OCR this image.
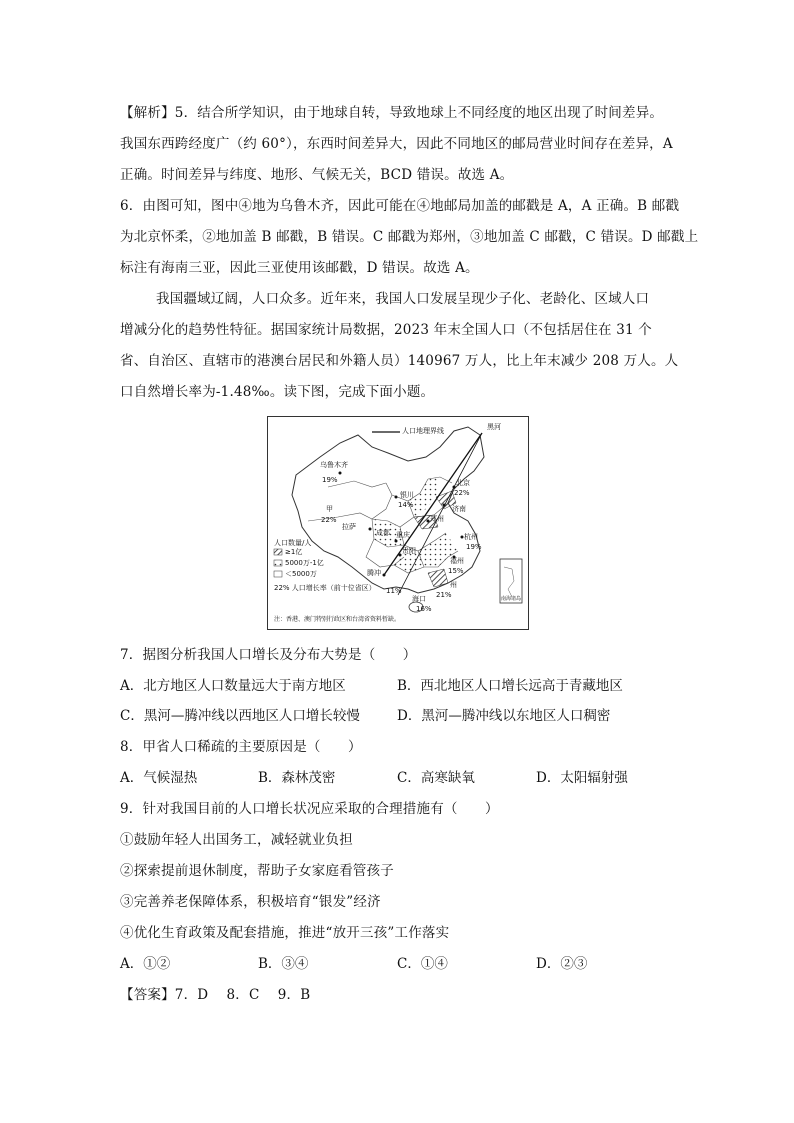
【解析】5．结合所学知识，由于地球自转，导致地球上不同经度的地区出现了时间差异。
我国东西跨经度广（约 60°），东西时间差异大，因此不同地区的邮局营业时间存在差异，A
正确。时间差异与纬度、地形、气候无关，BCD 错误。故选 A。
6．由图可知，图中④地为乌鲁木齐，因此可能在④地邮局加盖的邮戳是 A，A 正确。B 邮戳
为北京怀柔，②地加盖 B 邮戳，B 错误。C 邮戳为郑州，③地加盖 C 邮戳，C 错误。D 邮戳上
标注有海南三亚，因此三亚使用该邮戳，D 错误。故选 A。
我国疆域辽阔，人口众多。近年来，我国人口发展呈现少子化、老龄化、区域人口
增减分化的趋势性特征。据国家统计局数据，2023 年末全国人口（不包括居住在 31 个
省、自治区、直辖市的港澳台居民和外籍人员）140967 万人，比上年末减少 208 万人。人
口自然增长率为-1.48‰。读下图，完成下面小题。
人口地理界线	黑河
乌鲁木齐
19%
银川
14%
北京
22%
济南
甲
22%
拉萨
郑州
成都 重庆
贵阳
杭州
19%
福州
15%
腾冲
11%
州
21%
海口
16%
人口数量/人
≥1亿
5000万-1亿
＜5000万
22% 人口增长率（前十位省区）
注：香港、澳门特别行政区和台湾省资料暂缺。
南海诸岛
7．据图分析我国人口增长及分布大势是（　　）
A．北方地区人口数量远大于南方地区	B．西北地区人口增长远高于青藏地区
C．黑河—腾冲线以西地区人口增长较慢	D．黑河—腾冲线以东地区人口稠密
8．甲省人口稀疏的主要原因是（　　）
A．气候湿热	B．森林茂密	C．高寒缺氧	D．太阳辐射强
9．针对我国目前的人口增长状况应采取的合理措施有（　　）
①鼓励年轻人出国务工，减轻就业负担
②探索提前退休制度，帮助子女家庭看管孩子
③完善养老保障体系，积极培育“银发”经济
④优化生育政策及配套措施，推进“放开三孩”工作落实
A．①②	B．③④	C．①④	D．②③
【答案】7．D　 8．C　 9．B
